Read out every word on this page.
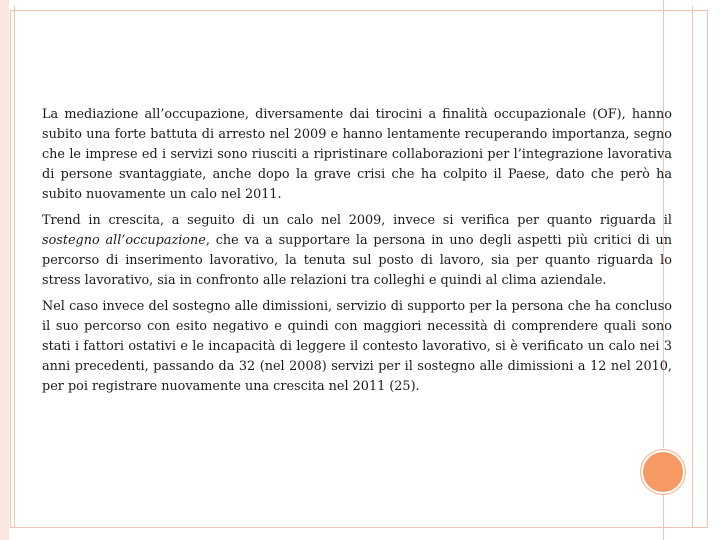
La mediazione all’occupazione, diversamente dai tirocini a finalità occupazionale (OF), hanno subito una forte battuta di arresto nel 2009 e hanno lentamente recuperando importanza, segno che le imprese ed i servizi sono riusciti a ripristinare collaborazioni per l’integrazione lavorativa di persone svantaggiate, anche dopo la grave crisi che ha colpito il Paese, dato che però ha subito nuovamente un calo nel 2011.

Trend in crescita, a seguito di un calo nel 2009, invece si verifica per quanto riguarda il sostegno all’occupazione, che va a supportare la persona in uno degli aspetti più critici di un percorso di inserimento lavorativo, la tenuta sul posto di lavoro, sia per quanto riguarda lo stress lavorativo, sia in confronto alle relazioni tra colleghi e quindi al clima aziendale.

Nel caso invece del sostegno alle dimissioni, servizio di supporto per la persona che ha concluso il suo percorso con esito negativo e quindi con maggiori necessità di comprendere quali sono stati i fattori ostativi e le incapacità di leggere il contesto lavorativo, si è verificato un calo nei 3 anni precedenti, passando da 32 (nel 2008) servizi per il sostegno alle dimissioni a 12 nel 2010, per poi registrare nuovamente una crescita nel 2011 (25).
